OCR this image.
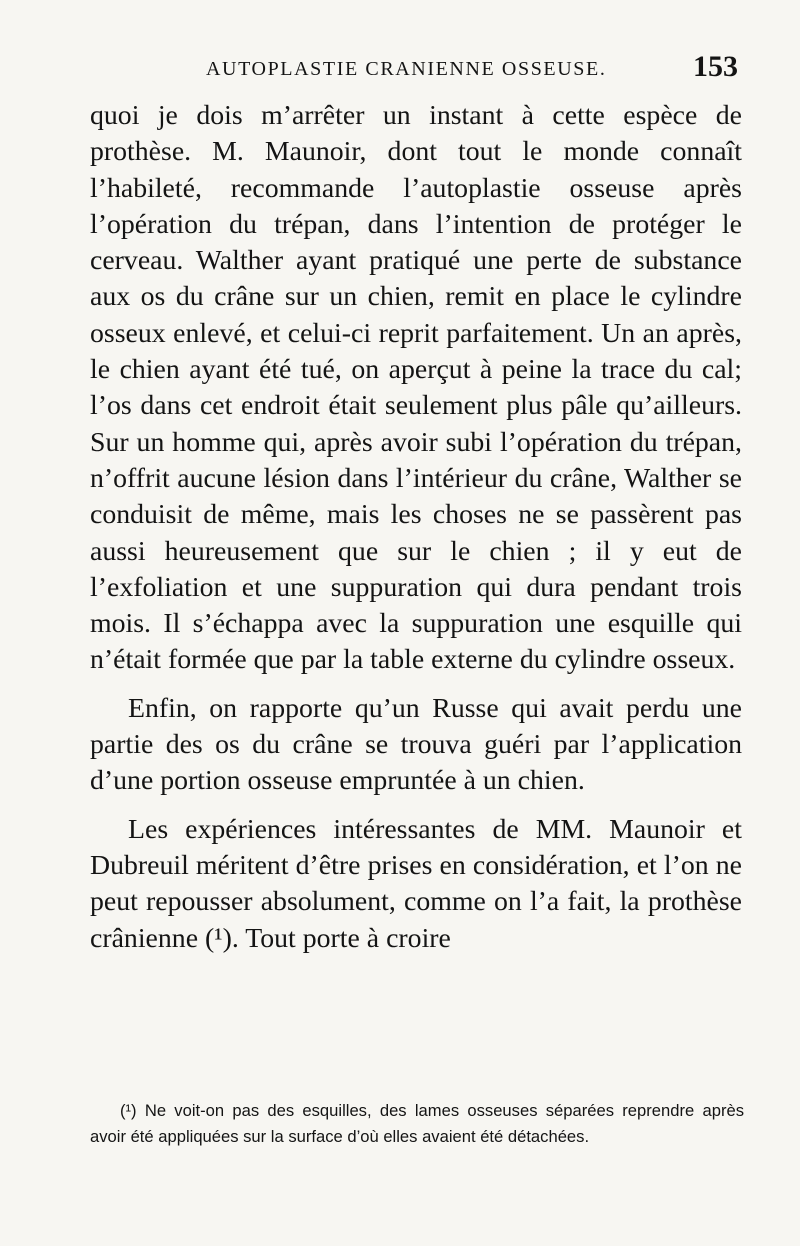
AUTOPLASTIE CRANIENNE OSSEUSE.	153

quoi je dois m’arrêter un instant à cette espèce de prothèse. M. Maunoir, dont tout le monde connaît l’habileté, recommande l’autoplastie osseuse après l’opération du trépan, dans l’intention de protéger le cerveau. Walther ayant pratiqué une perte de substance aux os du crâne sur un chien, remit en place le cylindre osseux enlevé, et celui-ci reprit parfaitement. Un an après, le chien ayant été tué, on aperçut à peine la trace du cal; l’os dans cet endroit était seulement plus pâle qu’ailleurs. Sur un homme qui, après avoir subi l’opération du trépan, n’offrit aucune lésion dans l’intérieur du crâne, Walther se conduisit de même, mais les choses ne se passèrent pas aussi heureusement que sur le chien ; il y eut de l’exfoliation et une suppuration qui dura pendant trois mois. Il s’échappa avec la suppuration une esquille qui n’était formée que par la table externe du cylindre osseux.

Enfin, on rapporte qu’un Russe qui avait perdu une partie des os du crâne se trouva guéri par l’application d’une portion osseuse empruntée à un chien.

Les expériences intéressantes de MM. Maunoir et Dubreuil méritent d’être prises en considération, et l’on ne peut repousser absolument, comme on l’a fait, la prothèse crânienne (¹). Tout porte à croire

(¹) Ne voit-on pas des esquilles, des lames osseuses séparées reprendre après avoir été appliquées sur la surface d’où elles avaient été détachées.
